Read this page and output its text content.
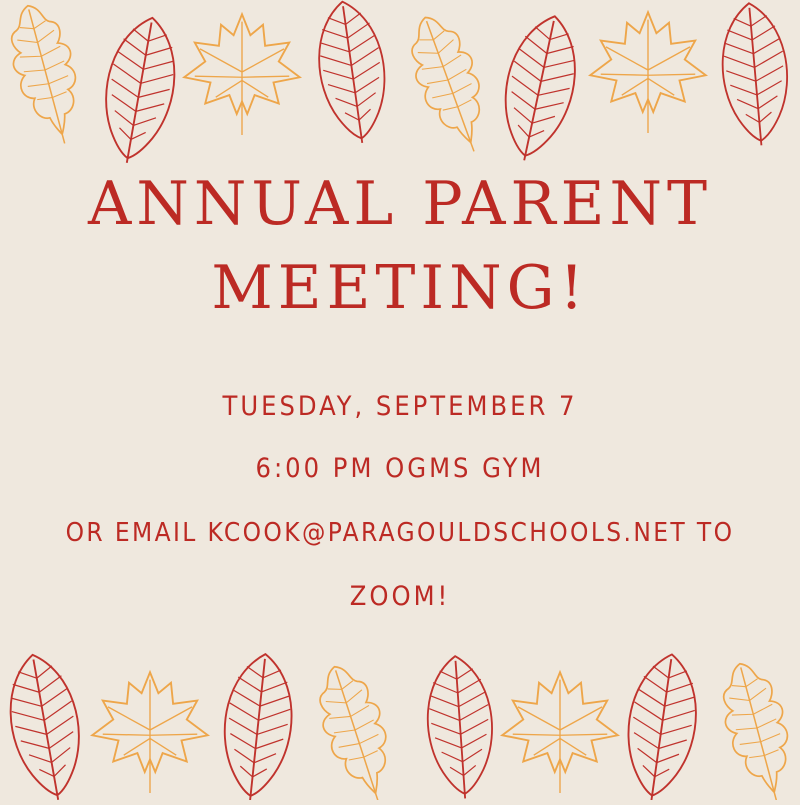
ANNUAL PARENT
MEETING!

TUESDAY, SEPTEMBER 7

6:00 PM OGMS GYM

OR EMAIL KCOOK@PARAGOULDSCHOOLS.NET TO

ZOOM!
